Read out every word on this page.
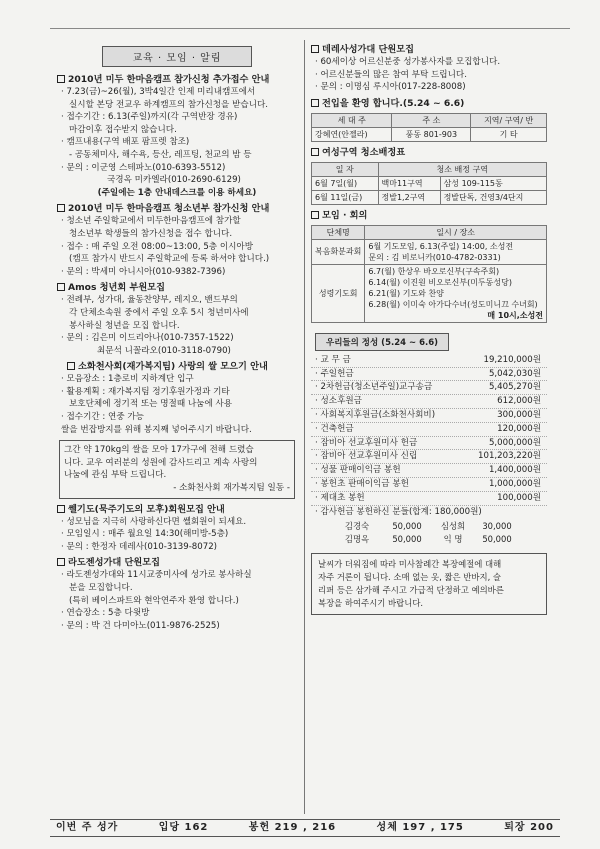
교육 · 모임 · 알림
2010년 미두 한마음캠프 참가신청 추가접수 안내
· 7.23(금)~26(월), 3박4일간 인제 미리내캠프에서
실시할 본당 전교우 하계캠프의 참가신청을 받습니다.
· 접수기간 : 6.13(주일)까지(각 구역반장 경유)
마감이후 접수받지 않습니다.
· 캠프내용(구역 배포 팜프렛 참조)
- 공동체미사, 해수욕, 등산, 레프팅, 천교의 밤 등
· 문의 : 이군영 스테파노(010-6393-5512)
국경옥 미카엘라(010-2690-6129)
(주일에는 1층 안내데스크를 이용 하세요)
2010년 미두 한마음캠프 청소년부 참가신청 안내
· 청소년 주일학교에서 미두한마음캠프에 참가할
청소년부 학생들의 참가신청을 접수 합니다.
· 접수 : 매 주일 오전 08:00~13:00, 5층 이시아방
(캠프 참가시 반드시 주일학교에 등록 하셔야 합니다.)
· 문의 : 박세미 아니시아(010-9382-7396)
Amos 청년회 부원모집
· 전례부, 성가대, 율동찬양부, 레지오, 밴드부의
각 단체소속원 중에서 주일 오후 5시 청년미사에
봉사하실 청년을 모집 합니다.
· 문의 : 김은미 이드리아나(010-7357-1522)
최문석 니꼴라오(010-3118-0790)
소화천사회(재가복지팀) 사랑의 쌀 모으기 안내
· 모음장소 : 1층로비 지하계단 입구
· 활용계획 : 재가복지팀 정기후원가정과 기타
보호단체에 정기적 또는 명절때 나눔에 사용
· 접수기간 : 연중 가능
쌀을 번잡방지를 위해 봉지째 넣어주시기 바랍니다.
그간 약 170kg의 쌀을 모아 17가구에 전해 드렸습
니다. 교우 여러분의 성원에 감사드리고 계속 사랑의
나눔에 관심 부탁 드립니다.
- 소화천사회 재가복지팀 일동 -
쎌기도(묵주기도의 모후)회원모집 안내
· 성모님을 지극히 사랑하신다면 쎌회원이 되세요.
· 모임일시 : 매주 월요일 14:30(해미방-5층)
· 문의 : 한정자 데레사(010-3139-8072)
라도젠성가대 단원모집
· 라도젠성가대와 11시교중미사에 성가로 봉사하실
분을 모집합니다.
(특히 베이스파트와 현악연주자 환영 합니다.)
· 연습장소 : 5층 다윗방
· 문의 : 박 건 다미아노(011-9876-2525)
데레사성가대 단원모집
· 60세이상 어르신분중 성가봉사자를 모집합니다.
· 어르신분들의 많은 참여 부탁 드립니다.
· 문의 : 이명심 루시아(017-228-8008)
전입을 환영 합니다.(5.24 ~ 6.6)
세 대 주	주 소	지역/ 구역/ 반
강혜연(안젤라)	풍동 801-903	기 타
여성구역 청소배정표
일 자	청소 배정 구역	
6월 7일(월)	백마11구역	삼성 109-115동
6월 11일(금)	정발1,2구역	정발단독, 건영3/4단지
모임 · 회의
단체명	일시 / 장소
복음화분과회	6월 기도모임, 6.13(주일) 14:00, 소성전
문의 : 김 비로니카(010-4782-0331)

성령기도회	6.7(월) 한상우 바오로신부(구속주회)
6.14(월) 이진원 비오로신부(미두동성당)
6.21(월) 기도와 찬양
6.28(월) 이미숙 아가다수녀(성도미니끄 수녀회)
매 10시,소성전
우리들의 정성 (5.24 ~ 6.6)
· 교 무 금	19,210,000원
· 주일헌금	5,042,030원
· 2차헌금(청소년주일)교구송금	5,405,270원
· 성소후원금	612,000원
· 사회복지후원금(소화천사회비)	300,000원
· 건축헌금	120,000원
· 잠비아 선교후원미사 헌금	5,000,000원
· 잠비아 선교후원미사 신립	101,203,220원
· 성물 판매이익금 봉헌	1,400,000원
· 봉헌초 판매이익금 봉헌	1,000,000원
· 제대초 봉헌	100,000원
· 감사헌금 봉헌하신 분들(합계: 180,000원)
김경숙	50,000	심성희	30,000
김명옥	50,000	익 명	50,000
날씨가 더워짐에 따라 미사참례간 복장예절에 대해
자주 거론이 됩니다. 소매 없는 옷, 짧은 반바지, 슬
리퍼 등은 삼가해 주시고 가급적 단정하고 예의바른
복장을 하여주시기 바랍니다.
이번 주 성가	입당 162	봉헌 219 , 216	성체 197 , 175	퇴장 200
